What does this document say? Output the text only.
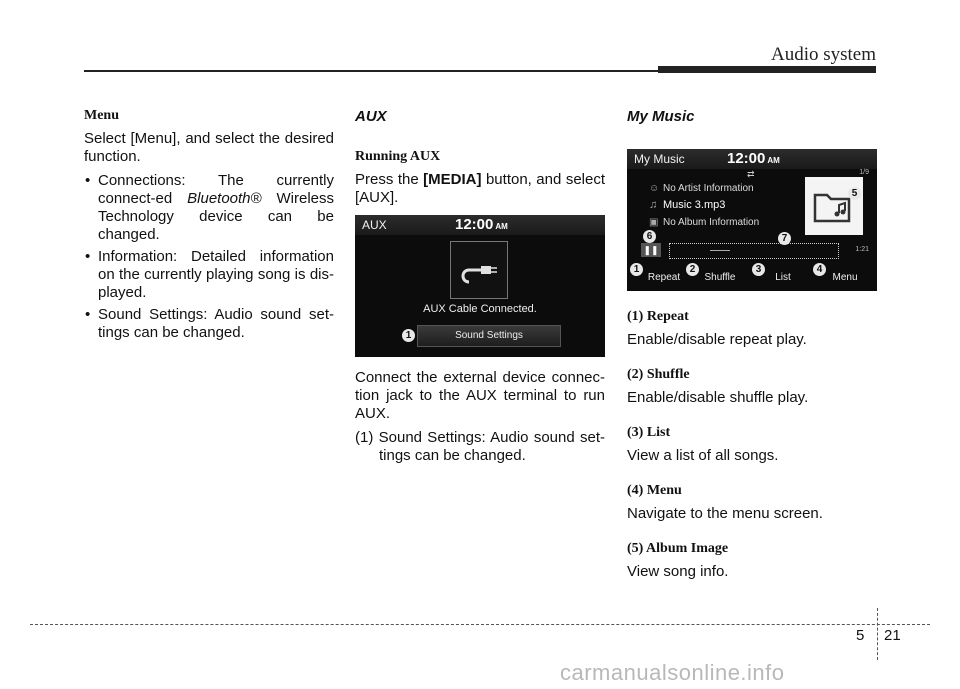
Audio system
Menu

Select [Menu], and select the desired function.

• Connections: The currently connect-ed Bluetooth® Wireless Technology device can be changed.
• Information: Detailed information on the currently playing song is dis-played.
• Sound Settings: Audio sound set-tings can be changed.
AUX
Running AUX

Press the [MEDIA] button, and select [AUX].

AUX	12:00 AM
AUX Cable Connected.
1	Sound Settings

Connect the external device connec-tion jack to the AUX terminal to run AUX.

(1) Sound Settings: Audio sound set-tings can be changed.
My Music
My Music	12:00 AM
⇄	1/9
☺ No Artist Information
♫ Music 3.mp3
▣ No Album Information
❚❚	1:21
Repeat	Shuffle	List	Menu
1	2	3	4
5
6	7
(1) Repeat

Enable/disable repeat play.

(2) Shuffle

Enable/disable shuffle play.

(3) List

View a list of all songs.

(4) Menu

Navigate to the menu screen.

(5) Album Image

View song info.

5 21
carmanualsonline.info
